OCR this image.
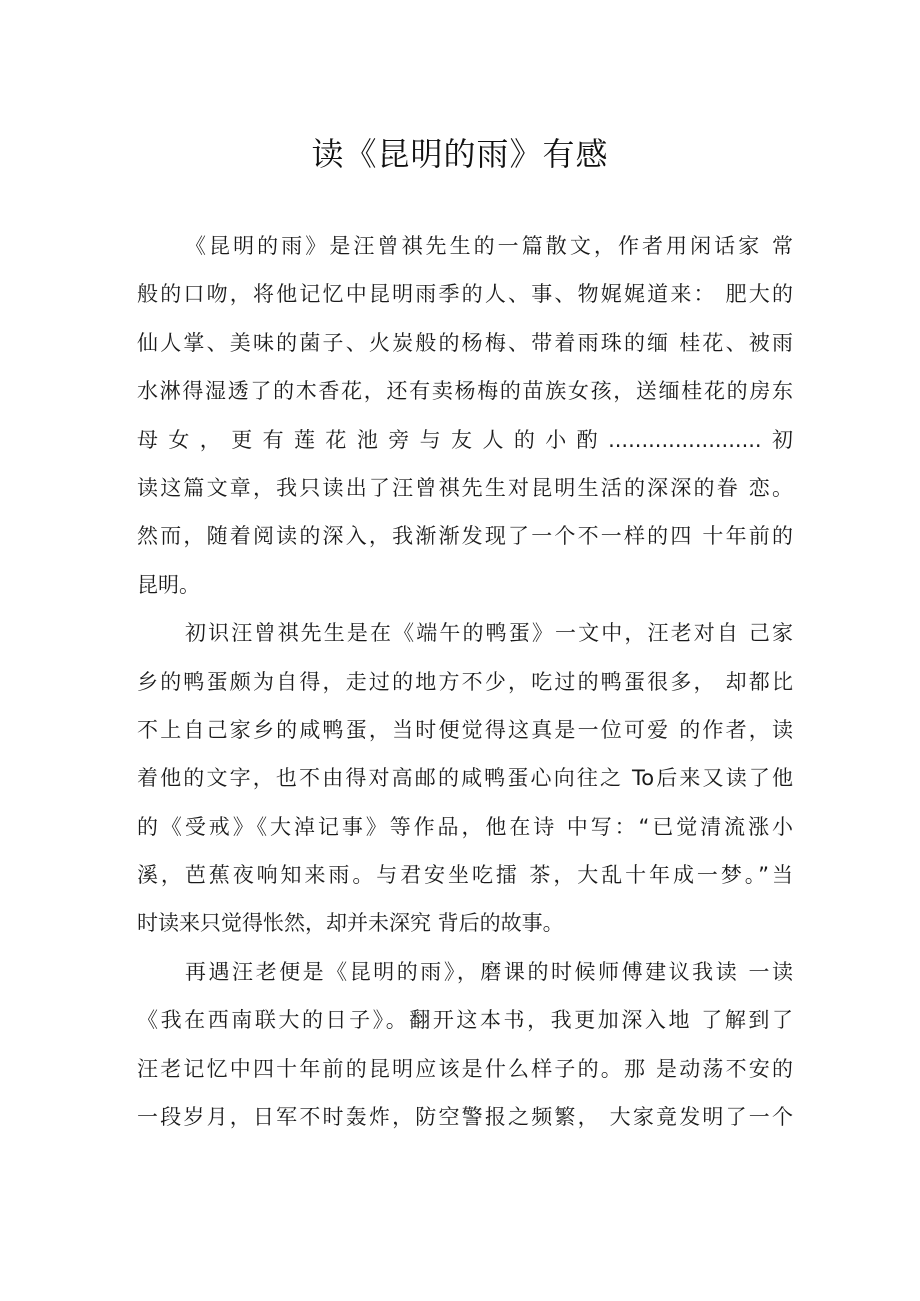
读《昆明的雨》有感
《昆明的雨》是汪曾祺先生的一篇散文，作者用闲话家 常
般的口吻，将他记忆中昆明雨季的人、事、物娓娓道来： 肥大的
仙人掌、美味的菌子、火炭般的杨梅、带着雨珠的缅 桂花、被雨
水淋得湿透了的木香花，还有卖杨梅的苗族女孩，送缅桂花的房东
母女，更有莲花池旁与友人的小酌.......................初
读这篇文章，我只读出了汪曾祺先生对昆明生活的深深的眷 恋。
然而，随着阅读的深入，我渐渐发现了一个不一样的四 十年前的
昆明。
初识汪曾祺先生是在《端午的鸭蛋》一文中，汪老对自 己家
乡的鸭蛋颇为自得，走过的地方不少，吃过的鸭蛋很多， 却都比
不上自己家乡的咸鸭蛋，当时便觉得这真是一位可爱 的作者，读
着他的文字，也不由得对高邮的咸鸭蛋心向往之 To后来又读了他
的《受戒》《大淖记事》等作品，他在诗 中写：“已觉清流涨小
溪，芭蕉夜响知来雨。与君安坐吃擂 茶，大乱十年成一梦。”当
时读来只觉得怅然，却并未深究 背后的故事。
再遇汪老便是《昆明的雨》，磨课的时候师傅建议我读 一读
《我在西南联大的日子》。翻开这本书，我更加深入地 了解到了
汪老记忆中四十年前的昆明应该是什么样子的。那 是动荡不安的
一段岁月，日军不时轰炸，防空警报之频繁， 大家竟发明了一个
